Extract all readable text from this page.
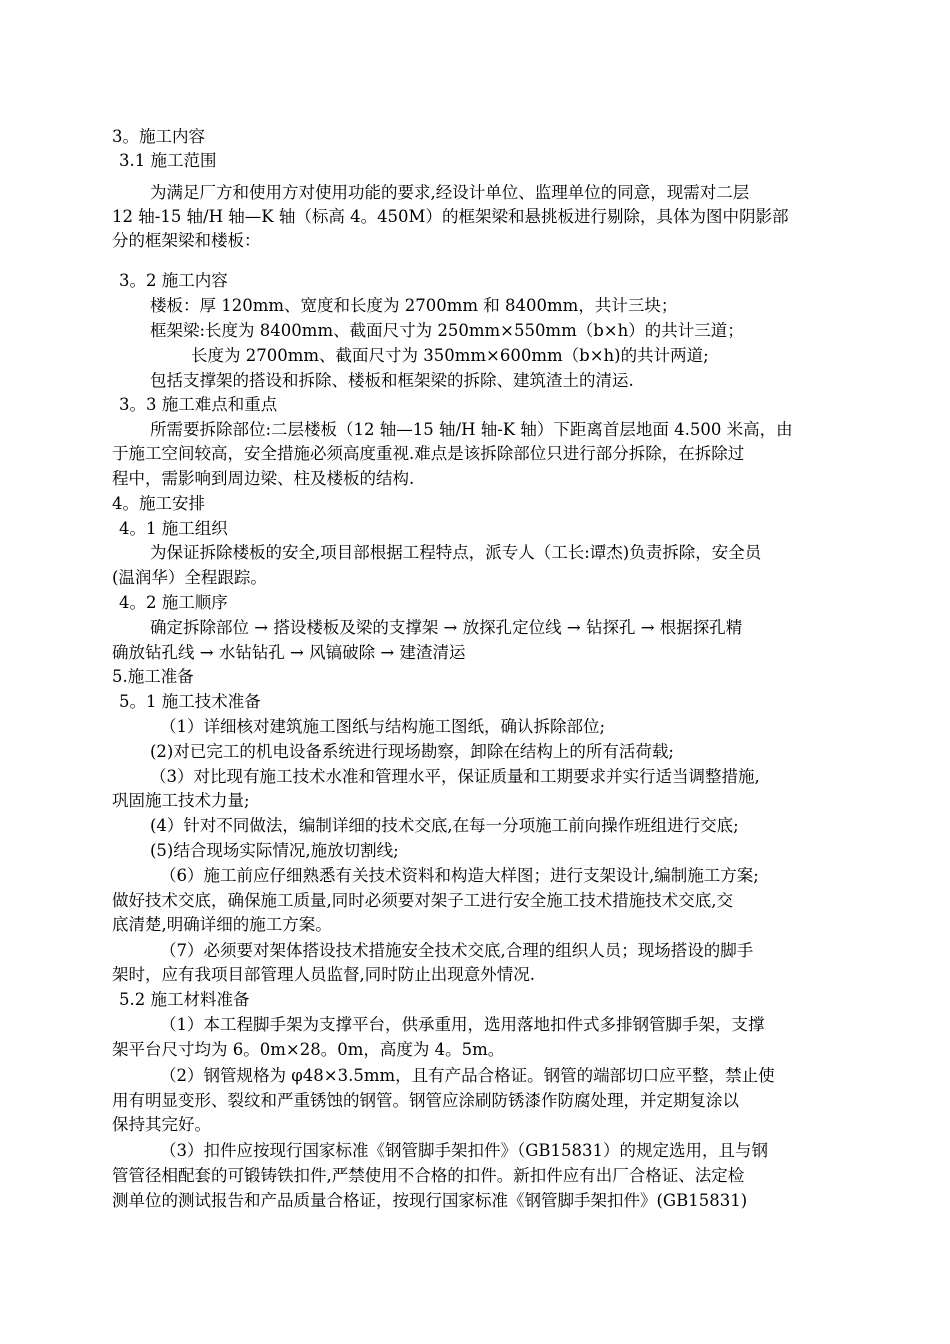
3。施工内容
3.1 施工范围
为满足厂方和使用方对使用功能的要求,经设计单位、监理单位的同意，现需对二层
12 轴-15 轴/H 轴—K 轴（标高 4。450M）的框架梁和悬挑板进行剔除，具体为图中阴影部
分的框架梁和楼板：
3。2 施工内容
楼板：厚 120mm、宽度和长度为 2700mm 和 8400mm，共计三块；
框架梁:长度为 8400mm、截面尺寸为 250mm×550mm（b×h）的共计三道；
长度为 2700mm、截面尺寸为 350mm×600mm（b×h)的共计两道;
包括支撑架的搭设和拆除、楼板和框架梁的拆除、建筑渣土的清运.
3。3 施工难点和重点
所需要拆除部位:二层楼板（12 轴—15 轴/H 轴-K 轴）下距离首层地面 4.500 米高，由
于施工空间较高，安全措施必须高度重视.难点是该拆除部位只进行部分拆除，在拆除过
程中，需影响到周边梁、柱及楼板的结构.
4。施工安排
4。1 施工组织
为保证拆除楼板的安全,项目部根据工程特点，派专人（工长:谭杰)负责拆除，安全员
(温润华）全程跟踪。
4。2 施工顺序
确定拆除部位 → 搭设楼板及梁的支撑架 → 放探孔定位线 → 钻探孔 → 根据探孔精
确放钻孔线 → 水钻钻孔 → 风镐破除 → 建渣清运
5.施工准备
5。1 施工技术准备
（1）详细核对建筑施工图纸与结构施工图纸，确认拆除部位;
(2)对已完工的机电设备系统进行现场勘察，卸除在结构上的所有活荷载;
（3）对比现有施工技术水准和管理水平，保证质量和工期要求并实行适当调整措施,
巩固施工技术力量;
(4）针对不同做法，编制详细的技术交底,在每一分项施工前向操作班组进行交底;
(5)结合现场实际情况,施放切割线;
（6）施工前应仔细熟悉有关技术资料和构造大样图；进行支架设计,编制施工方案;
做好技术交底，确保施工质量,同时必须要对架子工进行安全施工技术措施技术交底,交
底清楚,明确详细的施工方案。
（7）必须要对架体搭设技术措施安全技术交底,合理的组织人员；现场搭设的脚手
架时，应有我项目部管理人员监督,同时防止出现意外情况.
5.2 施工材料准备
（1）本工程脚手架为支撑平台，供承重用，选用落地扣件式多排钢管脚手架，支撑
架平台尺寸均为 6。0m×28。0m，高度为 4。5m。
（2）钢管规格为 φ48×3.5mm，且有产品合格证。钢管的端部切口应平整，禁止使
用有明显变形、裂纹和严重锈蚀的钢管。钢管应涂刷防锈漆作防腐处理，并定期复涂以
保持其完好。
（3）扣件应按现行国家标准《钢管脚手架扣件》（GB15831）的规定选用，且与钢
管管径相配套的可锻铸铁扣件,严禁使用不合格的扣件。新扣件应有出厂合格证、法定检
测单位的测试报告和产品质量合格证，按现行国家标准《钢管脚手架扣件》(GB15831)
